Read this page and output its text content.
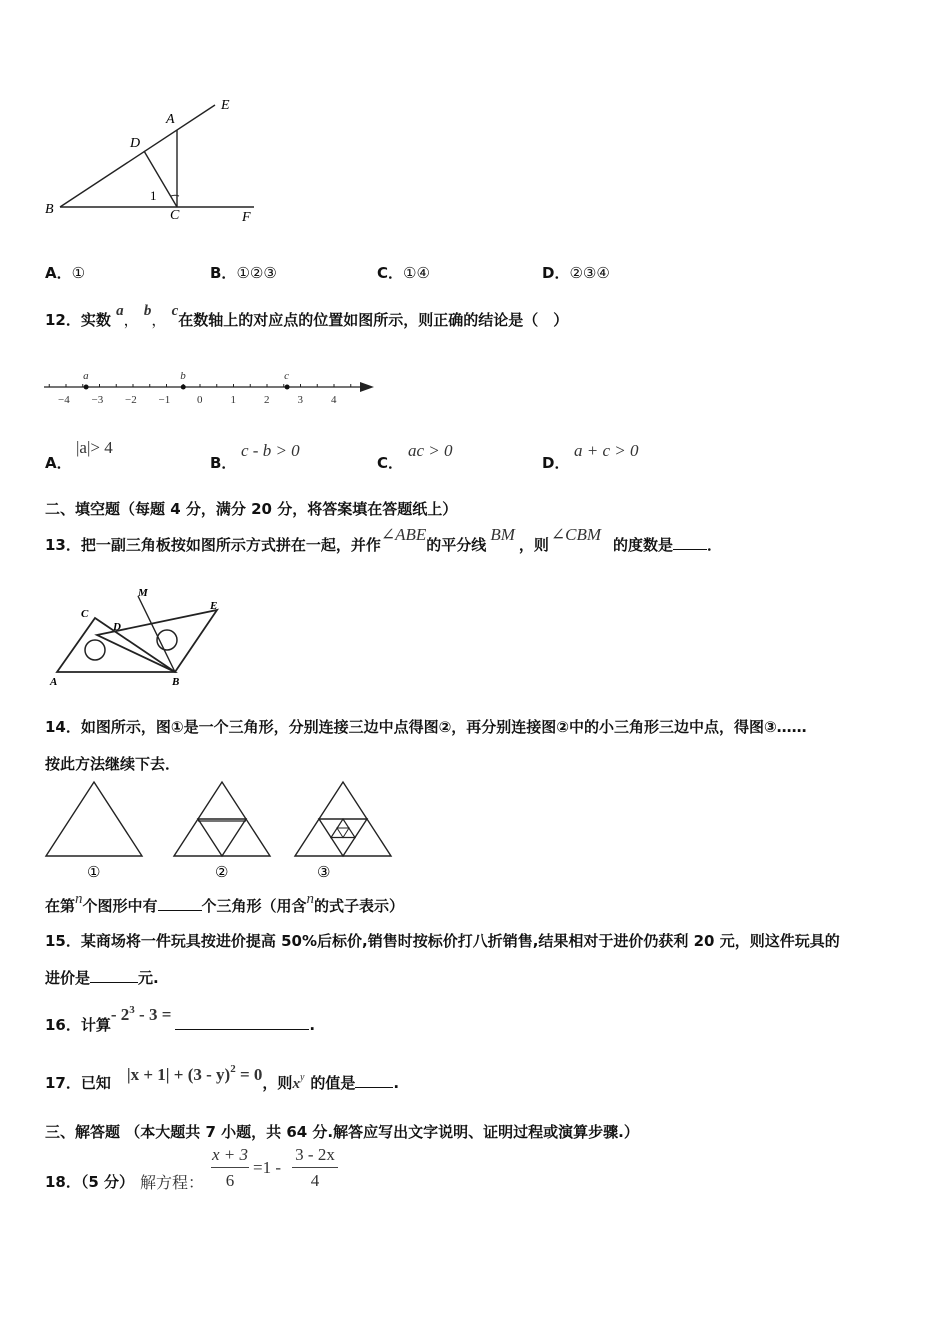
E
A
D
B
1
C	F
A．①	B．①②③	C．①④	D．②③④
12．实数 a， b， c在数轴上的对应点的位置如图所示，则正确的结论是（　）
−4 −3 −2 −1 0	1	2	3	4
a	b	c
A．
|a|> 4
B．
c - b > 0
C．
ac > 0
D．
a + c > 0
二、填空题（每题 4 分，满分 20 分，将答案填在答题纸上）
13．把一副三角板按如图所示方式拼在一起，并作∠ABE的平分线BM，则∠CBM的度数是 ．
M
C
D
E
A	B
14．如图所示，图①是一个三角形，分别连接三边中点得图②，再分别连接图②中的小三角形三边中点，得图③……
按此方法继续下去．
①	②	③
在第n个图形中有	个三角形（用含n的式子表示）
15．某商场将一件玩具按进价提高 50%后标价,销售时按标价打八折销售,结果相对于进价仍获利 20 元，则这件玩具的
进价是	元.
16．计算- $2^3 - 3$ =.
17．已知 |x + 1| + (3 - y)$^2$ = 0，则$x^y$ 的值是	.
三、解答题 （本大题共 7 小题，共 64 分.解答应写出文字说明、证明过程或演算步骤.）
18．（5 分） 解方程：
x + 3
6
=1 -
3 - 2x
4
